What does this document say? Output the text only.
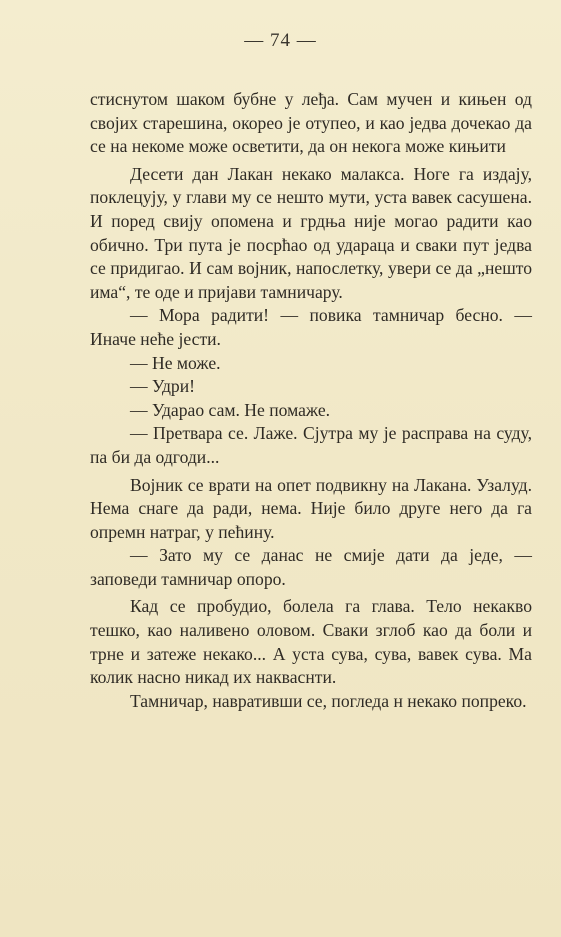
— 74 —

стиснутом шаком бубне у леђа. Сам мучен и кињен од својих старешина, окорео је отупео, и као једва дочекао да се на некоме може осветити, да он некога може кињити

Десети дан Лакан некако малакса. Ноге га издају, поклецују, у глави му се нешто мути, уста вавек сасушена. И поред свију опомена и грдња није могао радити као обично. Три пута је посрћао од удараца и сваки пут једва се придигао. И сам војник, напослетку, увери се да „нешто има“, те оде и пријави тамничару.

— Мора радити! — повика тамничар бесно. — Иначе неће јести.

— Не може.

— Удри!

— Ударао сам. Не помаже.

— Претвара се. Лаже. Сјутра му је расправа на суду, па би да одгоди...

Војник се врати на опет подвикну на Лакана. Узалуд. Нема снаге да ради, нема. Није било друге него да га опремн натраг, у пећину.

— Зато му се данас не смије дати да једе, — заповеди тамничар опоро.

Кад се пробудио, болела га глава. Тело некакво тешко, као наливено оловом. Сваки зглоб као да боли и трне и затеже некако... А уста сува, сува, вавек сува. Ма колик насно никад их накваснти.

Тамничар, навративши се, погледа н некако попреко.
